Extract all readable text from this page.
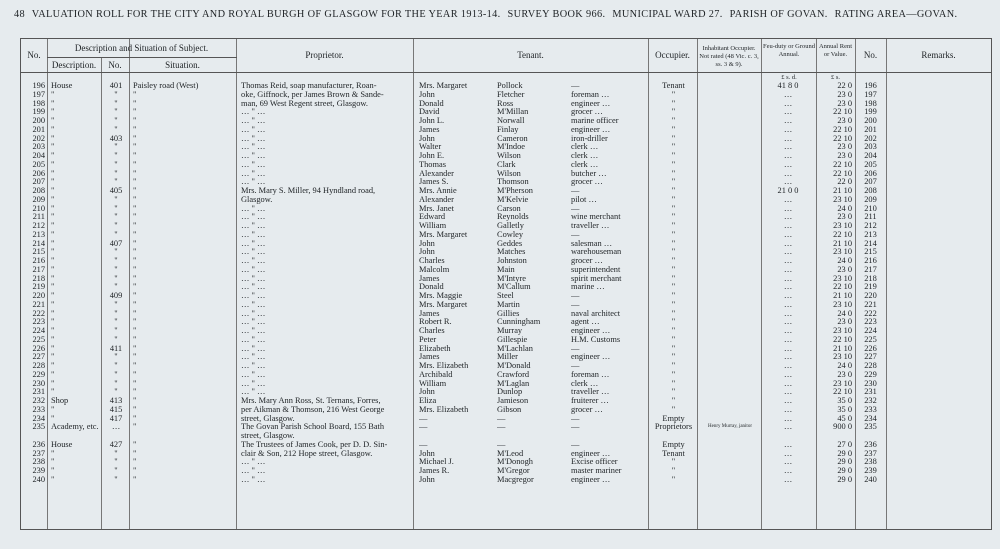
48 VALUATION ROLL FOR THE CITY AND ROYAL BURGH OF GLASGOW FOR THE YEAR 1913-14. SURVEY BOOK 966. MUNICIPAL WARD 27. PARISH OF GOVAN. RATING AREA—GOVAN.
No.
Description and Situation of Subject.
Description.	No.	Situation.
Proprietor.	Tenant.	Occupier.
Inhabitant Occupier. Not rated (48 Vic. c. 3, ss. 3 & 9).
Feu-duty or Ground Annual.
Annual Rent or Value.	No.	Remarks.
£ s. d.	£ s.
196 House	401	Paisley road (West)	Thomas Reid, soap manufacturer, Roan-	Mrs. Margaret	Pollock	—	Tenant	41 8 0	22 0	196
197 "	"	"	oke, Giffnock, per James Brown & Sande-	John	Fletcher	foreman …	"	…	23 0	197
198 "	"	"	man, 69 West Regent street, Glasgow.	Donald	Ross	engineer …	"	…	23 0	198
199 "	"	"	… " …	David	M'Millan	grocer …	"	…	22 10	199
200 "	"	"	… " …	John L.	Norwall	marine officer	"	…	23 0	200
201 "	"	"	… " …	James	Finlay	engineer …	"	…	22 10	201
202 "	403	"	… " …	John	Cameron	iron-driller	"	…	22 10	202
203 "	"	"	… " …	Walter	M'Indoe	clerk …	"	…	23 0	203
204 "	"	"	… " …	John E.	Wilson	clerk …	"	…	23 0	204
205 "	"	"	… " …	Thomas	Clark	clerk …	"	…	22 10	205
206 "	"	"	… " …	Alexander	Wilson	butcher …	"	…	22 10	206
207 "	"	"	… " …	James S.	Thomson	grocer …	"	…	22 0	207
208 "	405	"	Mrs. Mary S. Miller, 94 Hyndland road,	Mrs. Annie	M'Pherson	—	"	21 0 0	21 10	208
209 "	"	"	Glasgow.	Alexander	M'Kelvie	pilot …	"	…	23 10	209
210 "	"	"	… " …	Mrs. Janet	Carson	—	"	…	24 0	210
211 "	"	"	… " …	Edward	Reynolds	wine merchant	"	…	23 0	211
212 "	"	"	… " …	William	Galletly	traveller …	"	…	23 10	212
213 "	"	"	… " …	Mrs. Margaret	Cowley	—	"	…	22 10	213
214 "	407	"	… " …	John	Geddes	salesman …	"	…	21 10	214
215 "	"	"	… " …	John	Matches	warehouseman	"	…	23 10	215
216 "	"	"	… " …	Charles	Johnston	grocer …	"	…	24 0	216
217 "	"	"	… " …	Malcolm	Main	superintendent	"	…	23 0	217
218 "	"	"	… " …	James	M'Intyre	spirit merchant	"	…	23 10	218
219 "	"	"	… " …	Donald	M'Callum	marine …	"	…	22 10	219
220 "	409	"	… " …	Mrs. Maggie	Steel	—	"	…	21 10	220
221 "	"	"	… " …	Mrs. Margaret	Martin	—	"	…	23 10	221
222 "	"	"	… " …	James	Gillies	naval architect	"	…	24 0	222
223 "	"	"	… " …	Robert R.	Cunningham	agent …	"	…	23 0	223
224 "	"	"	… " …	Charles	Murray	engineer …	"	…	23 10	224
225 "	"	"	… " …	Peter	Gillespie	H.M. Customs	"	…	22 10	225
226 "	411	"	… " …	Elizabeth	M'Lachlan	—	"	…	21 10	226
227 "	"	"	… " …	James	Miller	engineer …	"	…	23 10	227
228 "	"	"	… " …	Mrs. Elizabeth	M'Donald	—	"	…	24 0	228
229 "	"	"	… " …	Archibald	Crawford	foreman …	"	…	23 0	229
230 "	"	"	… " …	William	M'Laglan	clerk …	"	…	23 10	230
231 "	"	"	… " …	John	Dunlop	traveller …	"	…	22 10	231
232 Shop	413	"	Mrs. Mary Ann Ross, St. Ternans, Forres,	Eliza	Jamieson	fruiterer …	"	…	35 0	232
233 "	415	"	per Aikman & Thomson, 216 West George	Mrs. Elizabeth	Gibson	grocer …	"	…	35 0	233
234 "	417	"	street, Glasgow.	—	—	—	Empty	…	45 0	234
235 Academy, etc.	…	"	The Govan Parish School Board, 155 Bath	—	—	—	Proprietors	Henry Murray, janitor	…	900 0	235
street, Glasgow.
236 House	427	"	The Trustees of James Cook, per D. D. Sin-	—	—	—	Empty	…	27 0	236
237 "	"	"	clair & Son, 212 Hope street, Glasgow.	John	M'Leod	engineer …	Tenant	…	29 0	237
238 "	"	"	… " …	Michael J.	M'Donogh	Excise officer	"	…	29 0	238
239 "	"	"	… " …	James R.	M'Gregor	master mariner	"	…	29 0	239
240 "	"	"	… " …	John	Macgregor	engineer …	"	…	29 0	240
